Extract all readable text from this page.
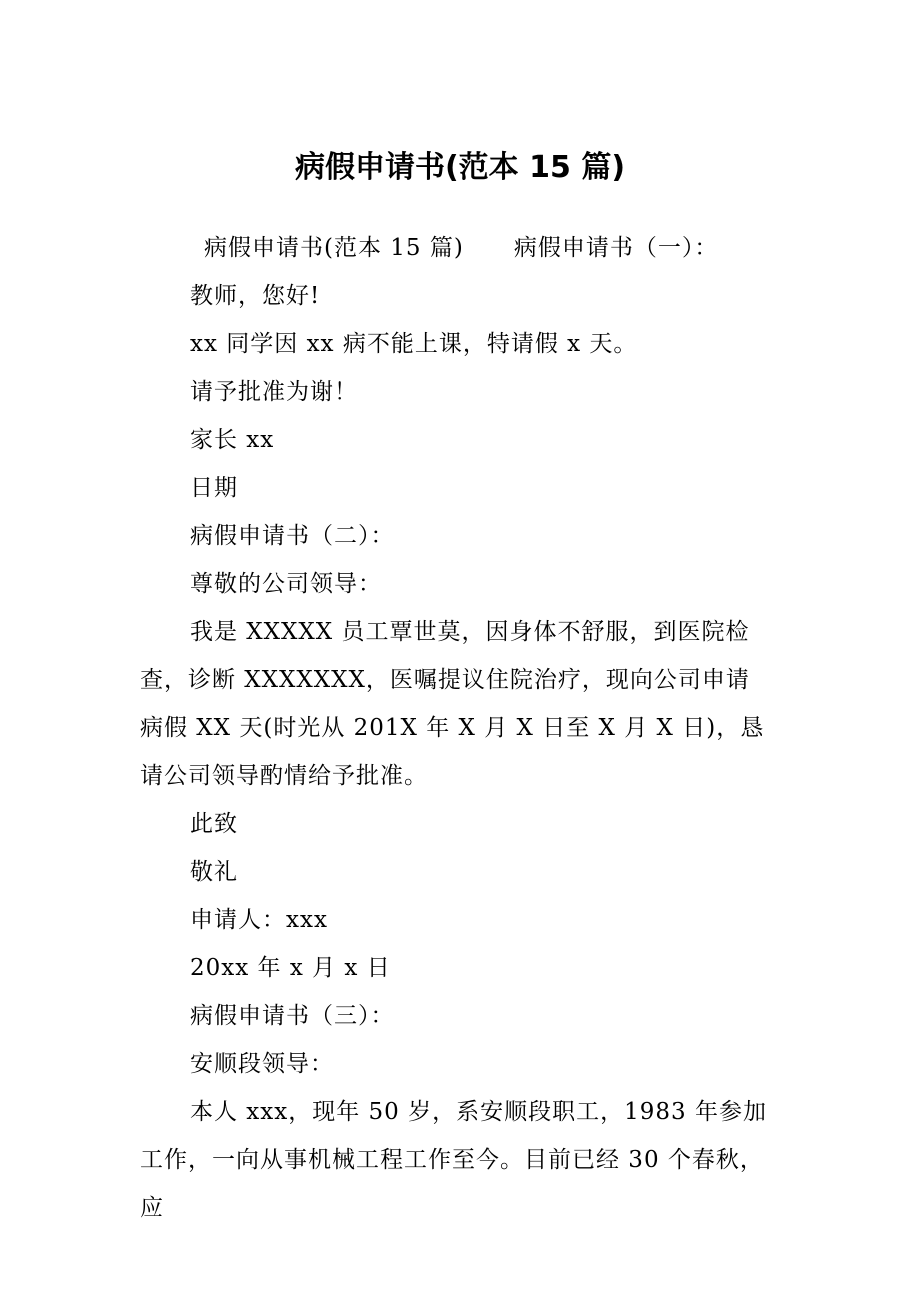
病假申请书(范本 15 篇)

病假申请书(范本 15 篇) 病假申请书（一）：

教师，您好!

xx 同学因 xx 病不能上课，特请假 x 天。

请予批准为谢！

家长 xx

日期

病假申请书（二）：

尊敬的公司领导：

我是 XXXXX 员工覃世莫，因身体不舒服，到医院检查，诊断 XXXXXXX，医嘱提议住院治疗，现向公司申请病假 XX 天(时光从 201X 年 X 月 X 日至 X 月 X 日)，恳请公司领导酌情给予批准。

此致

敬礼

申请人：xxx

20xx 年 x 月 x 日

病假申请书（三）：

安顺段领导：

本人 xxx，现年 50 岁，系安顺段职工，1983 年参加工作，一向从事机械工程工作至今。目前已经 30 个春秋，应
